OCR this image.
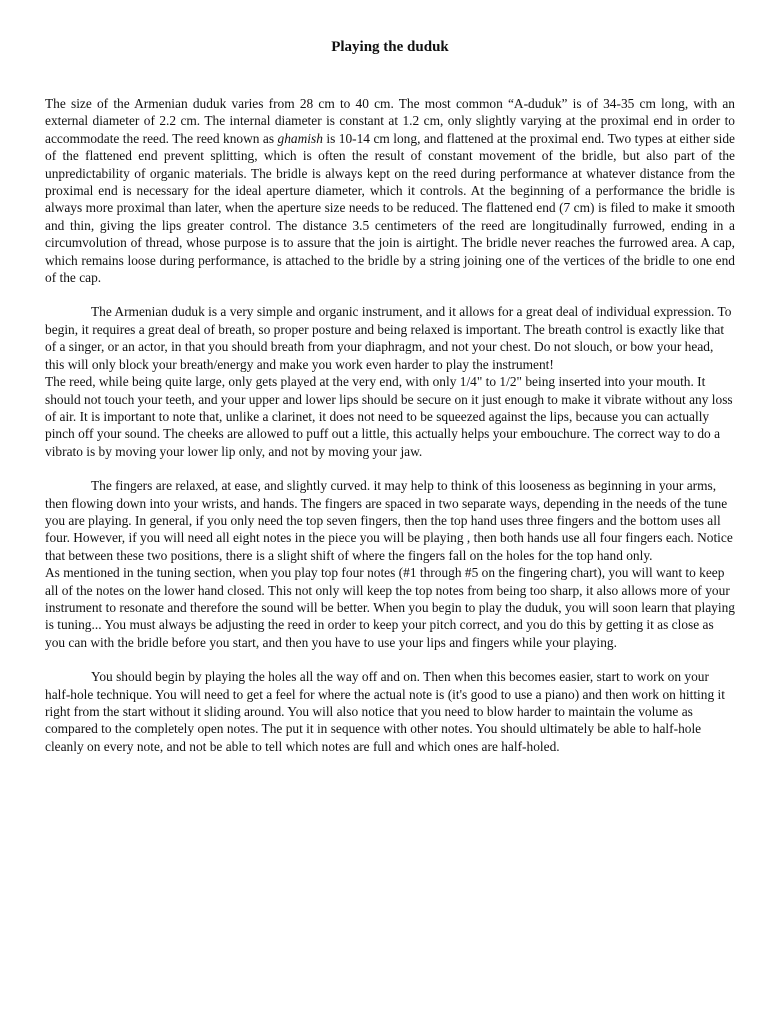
Playing the duduk

The size of the Armenian duduk varies from 28 cm to 40 cm. The most common “A-duduk” is of 34-35 cm long, with an external diameter of 2.2 cm. The internal diameter is constant at 1.2 cm, only slightly varying at the proximal end in order to accommodate the reed. The reed known as ghamish is 10-14 cm long, and flattened at the proximal end. Two types at either side of the flattened end prevent splitting, which is often the result of constant movement of the bridle, but also part of the unpredictability of organic materials. The bridle is always kept on the reed during performance at whatever distance from the proximal end is necessary for the ideal aperture diameter, which it controls. At the beginning of a performance the bridle is always more proximal than later, when the aperture size needs to be reduced. The flattened end (7 cm) is filed to make it smooth and thin, giving the lips greater control. The distance 3.5 centimeters of the reed are longitudinally furrowed, ending in a circumvolution of thread, whose purpose is to assure that the join is airtight. The bridle never reaches the furrowed area. A cap, which remains loose during performance, is attached to the bridle by a string joining one of the vertices of the bridle to one end of the cap.

The Armenian duduk is a very simple and organic instrument, and it allows for a great deal of individual expression. To begin, it requires a great deal of breath, so proper posture and being relaxed is important. The breath control is exactly like that of a singer, or an actor, in that you should breath from your diaphragm, and not your chest. Do not slouch, or bow your head, this will only block your breath/energy and make you work even harder to play the instrument!

The reed, while being quite large, only gets played at the very end, with only 1/4" to 1/2" being inserted into your mouth. It should not touch your teeth, and your upper and lower lips should be secure on it just enough to make it vibrate without any loss of air. It is important to note that, unlike a clarinet, it does not need to be squeezed against the lips, because you can actually pinch off your sound. The cheeks are allowed to puff out a little, this actually helps your embouchure. The correct way to do a vibrato is by moving your lower lip only, and not by moving your jaw.

The fingers are relaxed, at ease, and slightly curved. it may help to think of this looseness as beginning in your arms, then flowing down into your wrists, and hands. The fingers are spaced in two separate ways, depending in the needs of the tune you are playing. In general, if you only need the top seven fingers, then the top hand uses three fingers and the bottom uses all four. However, if you will need all eight notes in the piece you will be playing , then both hands use all four fingers each. Notice that between these two positions, there is a slight shift of where the fingers fall on the holes for the top hand only.

As mentioned in the tuning section, when you play top four notes (#1 through #5 on the fingering chart), you will want to keep all of the notes on the lower hand closed. This not only will keep the top notes from being too sharp, it also allows more of your instrument to resonate and therefore the sound will be better. When you begin to play the duduk, you will soon learn that playing is tuning... You must always be adjusting the reed in order to keep your pitch correct, and you do this by getting it as close as you can with the bridle before you start, and then you have to use your lips and fingers while your playing.

You should begin by playing the holes all the way off and on. Then when this becomes easier, start to work on your half-hole technique. You will need to get a feel for where the actual note is (it's good to use a piano) and then work on hitting it right from the start without it sliding around. You will also notice that you need to blow harder to maintain the volume as compared to the completely open notes. The put it in sequence with other notes. You should ultimately be able to half-hole cleanly on every note, and not be able to tell which notes are full and which ones are half-holed.
